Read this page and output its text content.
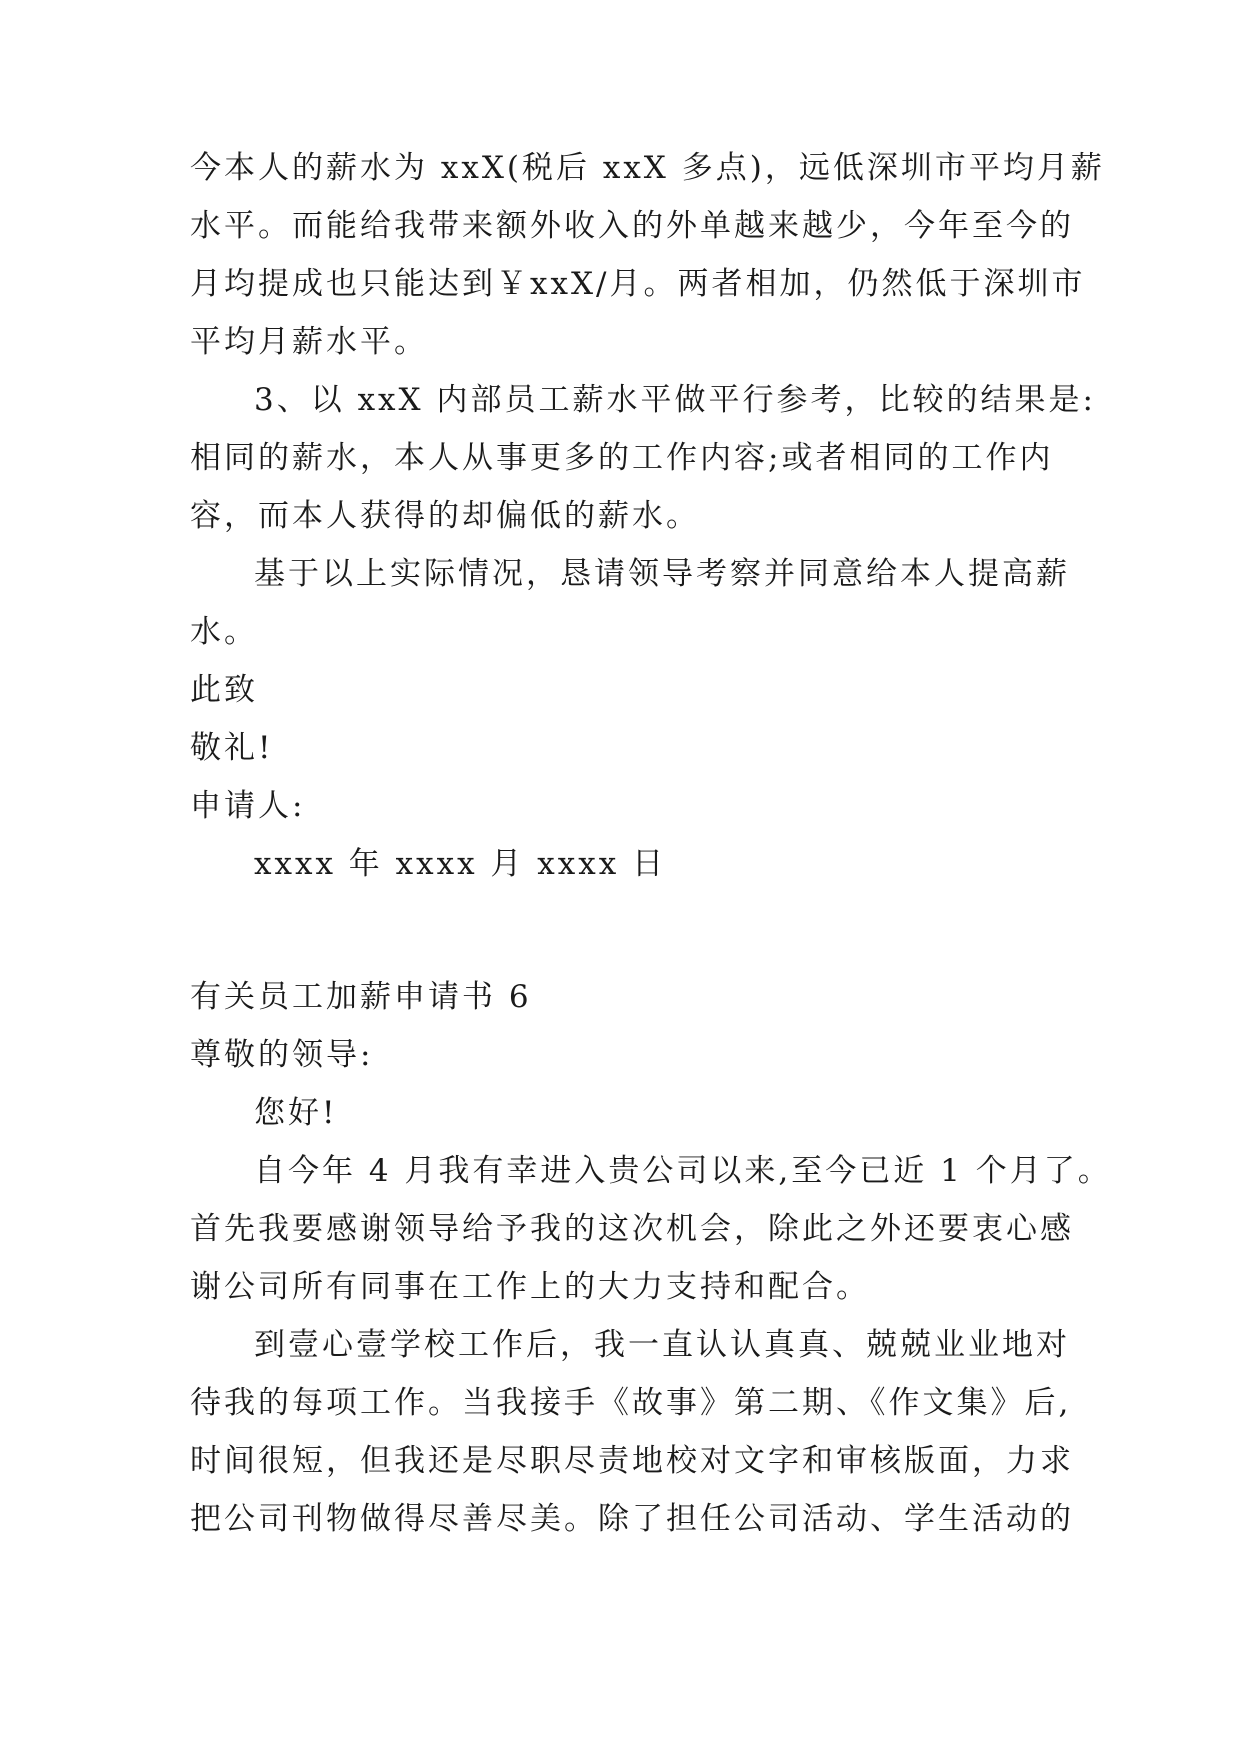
今本人的薪水为 xxX(税后 xxX 多点)，远低深圳市平均月薪
水平。而能给我带来额外收入的外单越来越少，今年至今的
月均提成也只能达到￥xxX/月。两者相加，仍然低于深圳市
平均月薪水平。
3、以 xxX 内部员工薪水平做平行参考，比较的结果是:
相同的薪水，本人从事更多的工作内容;或者相同的工作内
容，而本人获得的却偏低的薪水。
基于以上实际情况，恳请领导考察并同意给本人提高薪
水。
此致
敬礼!
申请人:
xxxx 年 xxxx 月 xxxx 日
有关员工加薪申请书 6
尊敬的领导:
您好!
自今年 4 月我有幸进入贵公司以来,至今已近 1 个月了。
首先我要感谢领导给予我的这次机会，除此之外还要衷心感
谢公司所有同事在工作上的大力支持和配合。
到壹心壹学校工作后，我一直认认真真、兢兢业业地对
待我的每项工作。当我接手《故事》第二期、《作文集》后,
时间很短，但我还是尽职尽责地校对文字和审核版面，力求
把公司刊物做得尽善尽美。除了担任公司活动、学生活动的
